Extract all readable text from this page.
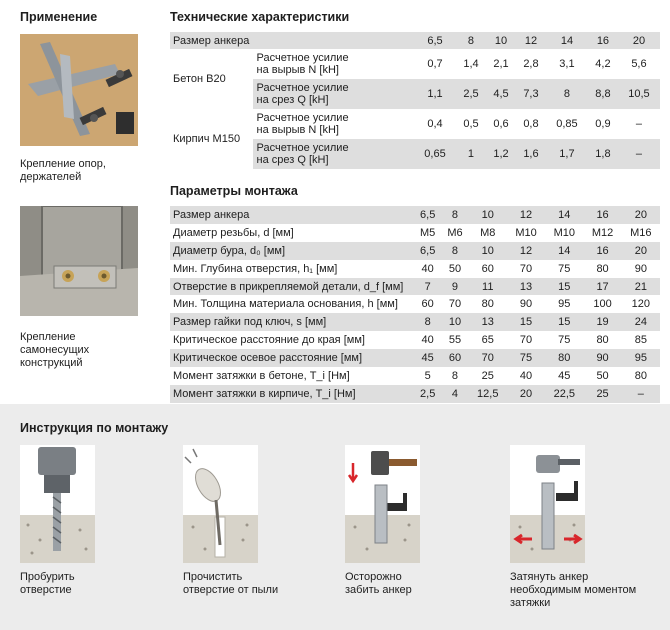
Применение
Крепление опор,
держателей
Крепление
самонесущих
конструкций
Технические характеристики
Размер анкера		6,5	8	10	12	14	16	20
Бетон В20	Расчетное усилие
на вырыв N [kH]	0,7	1,4	2,1	2,8	3,1	4,2	5,6
	Расчетное усилие
на срез Q [kH]	1,1	2,5	4,5	7,3	8	8,8	10,5
Кирпич М150	Расчетное усилие
на вырыв N [kH]	0,4	0,5	0,6	0,8	0,85	0,9	–
	Расчетное усилие
на срез Q [kH]	0,65	1	1,2	1,6	1,7	1,8	–
Параметры монтажа
Размер анкера	6,5	8	10	12	14	16	20
Диаметр резьбы, d [мм]	M5	M6	M8	M10	M10	M12	M16
Диаметр бура, d₀ [мм]	6,5	8	10	12	14	16	20
Мин. Глубина отверстия, h₁ [мм]	40	50	60	70	75	80	90
Отверстие в прикрепляемой детали, d_f [мм]	7	9	11	13	15	17	21
Мин. Толщина материала основания, h [мм]	60	70	80	90	95	100	120
Размер гайки под ключ, s [мм]	8	10	13	15	15	19	24
Критическое расстояние до края [мм]	40	55	65	70	75	80	85
Критическое осевое расстояние [мм]	45	60	70	75	80	90	95
Момент затяжки в бетоне, T_i [Нм]	5	8	25	40	45	50	80
Момент затяжки в кирпиче, T_i [Нм]	2,5	4	12,5	20	22,5	25	–
Инструкция по монтажу
Пробурить
отверстие
Прочистить
отверстие от пыли
Осторожно
забить анкер
Затянуть анкер
необходимым моментом
затяжки
